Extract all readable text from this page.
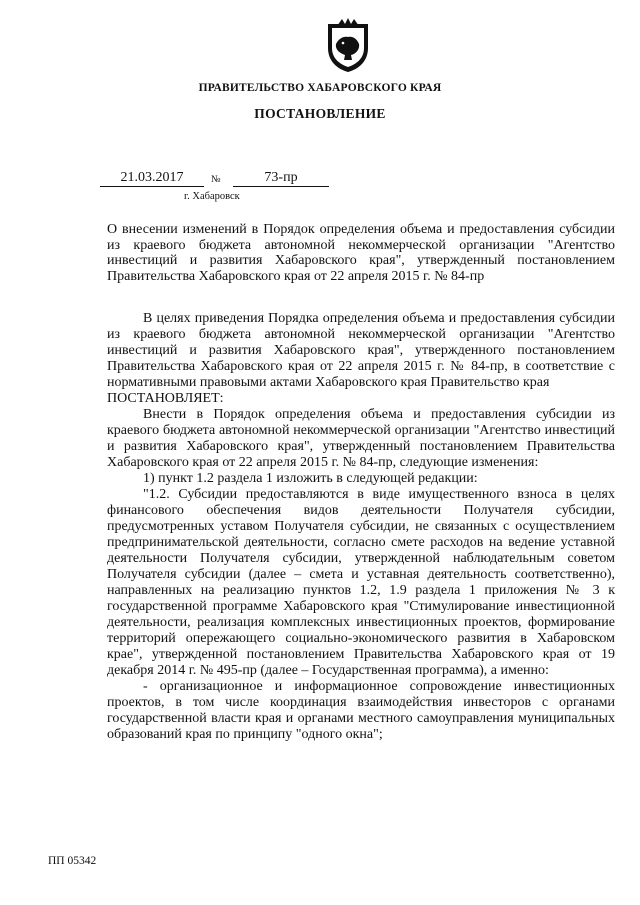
ПРАВИТЕЛЬСТВО ХАБАРОВСКОГО КРАЯ
ПОСТАНОВЛЕНИЕ
21.03.2017	№	73-пр
г. Хабаровск
О внесении изменений в Порядок определения объема и предоставления субсидии из краевого бюджета автономной некоммерческой организации "Агентство инвестиций и развития Хабаровского края", утвержденный постановлением Правительства Хабаровского края от 22 апреля 2015 г. № 84-пр

В целях приведения Порядка определения объема и предоставления субсидии из краевого бюджета автономной некоммерческой организации "Агентство инвестиций и развития Хабаровского края", утвержденного постановлением Правительства Хабаровского края от 22 апреля 2015 г. № 84-пр, в соответствие с нормативными правовыми актами Хабаровского края Правительство края

ПОСТАНОВЛЯЕТ:

Внести в Порядок определения объема и предоставления субсидии из краевого бюджета автономной некоммерческой организации "Агентство инвестиций и развития Хабаровского края", утвержденный постановлением Правительства Хабаровского края от 22 апреля 2015 г. № 84-пр, следующие изменения:

1) пункт 1.2 раздела 1 изложить в следующей редакции:

"1.2. Субсидии предоставляются в виде имущественного взноса в целях финансового обеспечения видов деятельности Получателя субсидии, предусмотренных уставом Получателя субсидии, не связанных с осуществлением предпринимательской деятельности, согласно смете расходов на ведение уставной деятельности Получателя субсидии, утвержденной наблюдательным советом Получателя субсидии (далее – смета и уставная деятельность соответственно), направленных на реализацию пунктов 1.2, 1.9 раздела 1 приложения № 3 к государственной программе Хабаровского края "Стимулирование инвестиционной деятельности, реализация комплексных инвестиционных проектов, формирование территорий опережающего социально-экономического развития в Хабаровском крае", утвержденной постановлением Правительства Хабаровского края от 19 декабря 2014 г. № 495-пр (далее – Государственная программа), а именно:

- организационное и информационное сопровождение инвестиционных проектов, в том числе координация взаимодействия инвесторов с органами государственной власти края и органами местного самоуправления муниципальных образований края по принципу "одного окна";

ПП 05342
